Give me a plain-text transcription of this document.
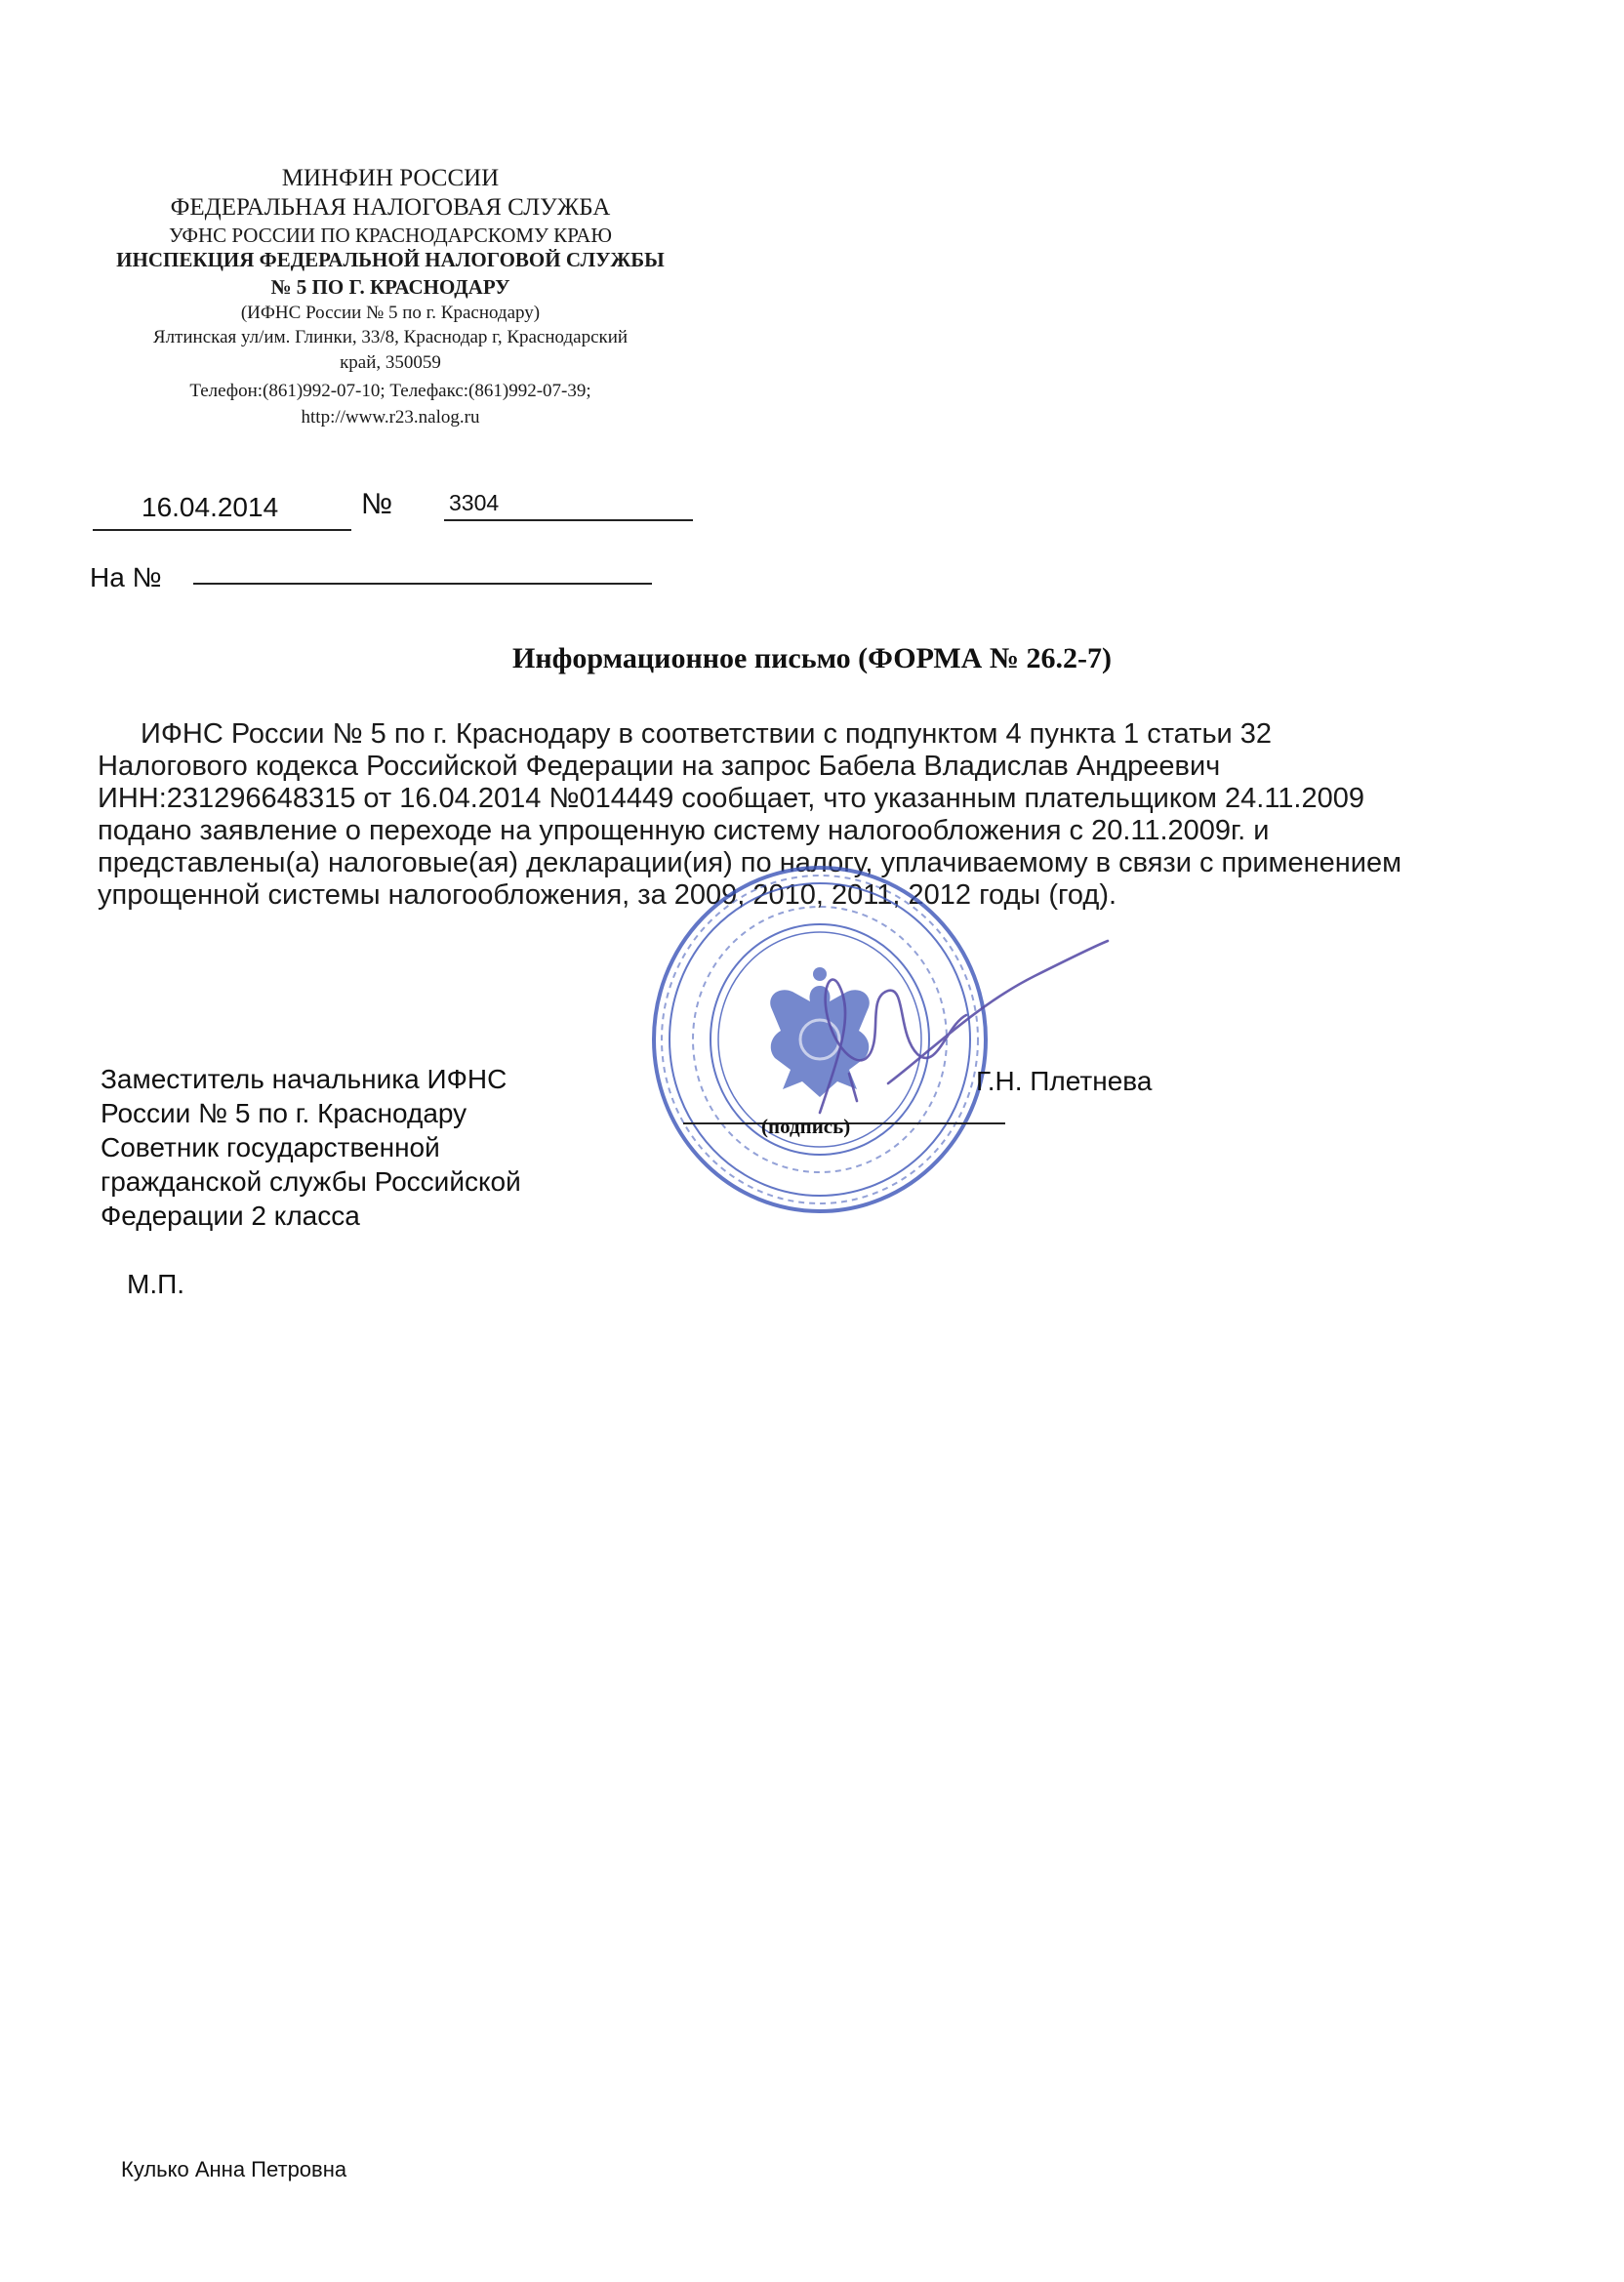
МИНФИН РОССИИ
ФЕДЕРАЛЬНАЯ НАЛОГОВАЯ СЛУЖБА
УФНС РОССИИ ПО КРАСНОДАРСКОМУ КРАЮ
ИНСПЕКЦИЯ ФЕДЕРАЛЬНОЙ НАЛОГОВОЙ СЛУЖБЫ
№ 5 ПО Г. КРАСНОДАРУ
(ИФНС России № 5 по г. Краснодару)
Ялтинская ул/им. Глинки, 33/8, Краснодар г, Краснодарский
край, 350059
Телефон:(861)992-07-10; Телефакс:(861)992-07-39;
http://www.r23.nalog.ru
16.04.2014	№	3304
На №
Информационное письмо (ФОРМА № 26.2-7)

ИФНС России № 5 по г. Краснодару в соответствии с подпунктом 4 пункта 1 статьи 32

Налогового кодекса Российской Федерации на запрос Бабела Владислав Андреевич

ИНН:231296648315 от 16.04.2014 №014449 сообщает, что указанным плательщиком 24.11.2009

подано заявление о переходе на упрощенную систему налогообложения с 20.11.2009г. и

представлены(а) налоговые(ая) декларации(ия) по налогу, уплачиваемому в связи с применением

упрощенной системы налогообложения, за 2009, 2010, 2011, 2012 годы (год).

Заместитель начальника ИФНС
России № 5 по г. Краснодару
Советник государственной
гражданской службы Российской
Федерации 2 класса
М.П.
(подпись)
Г.Н. Плетнева
Кулько Анна Петровна
